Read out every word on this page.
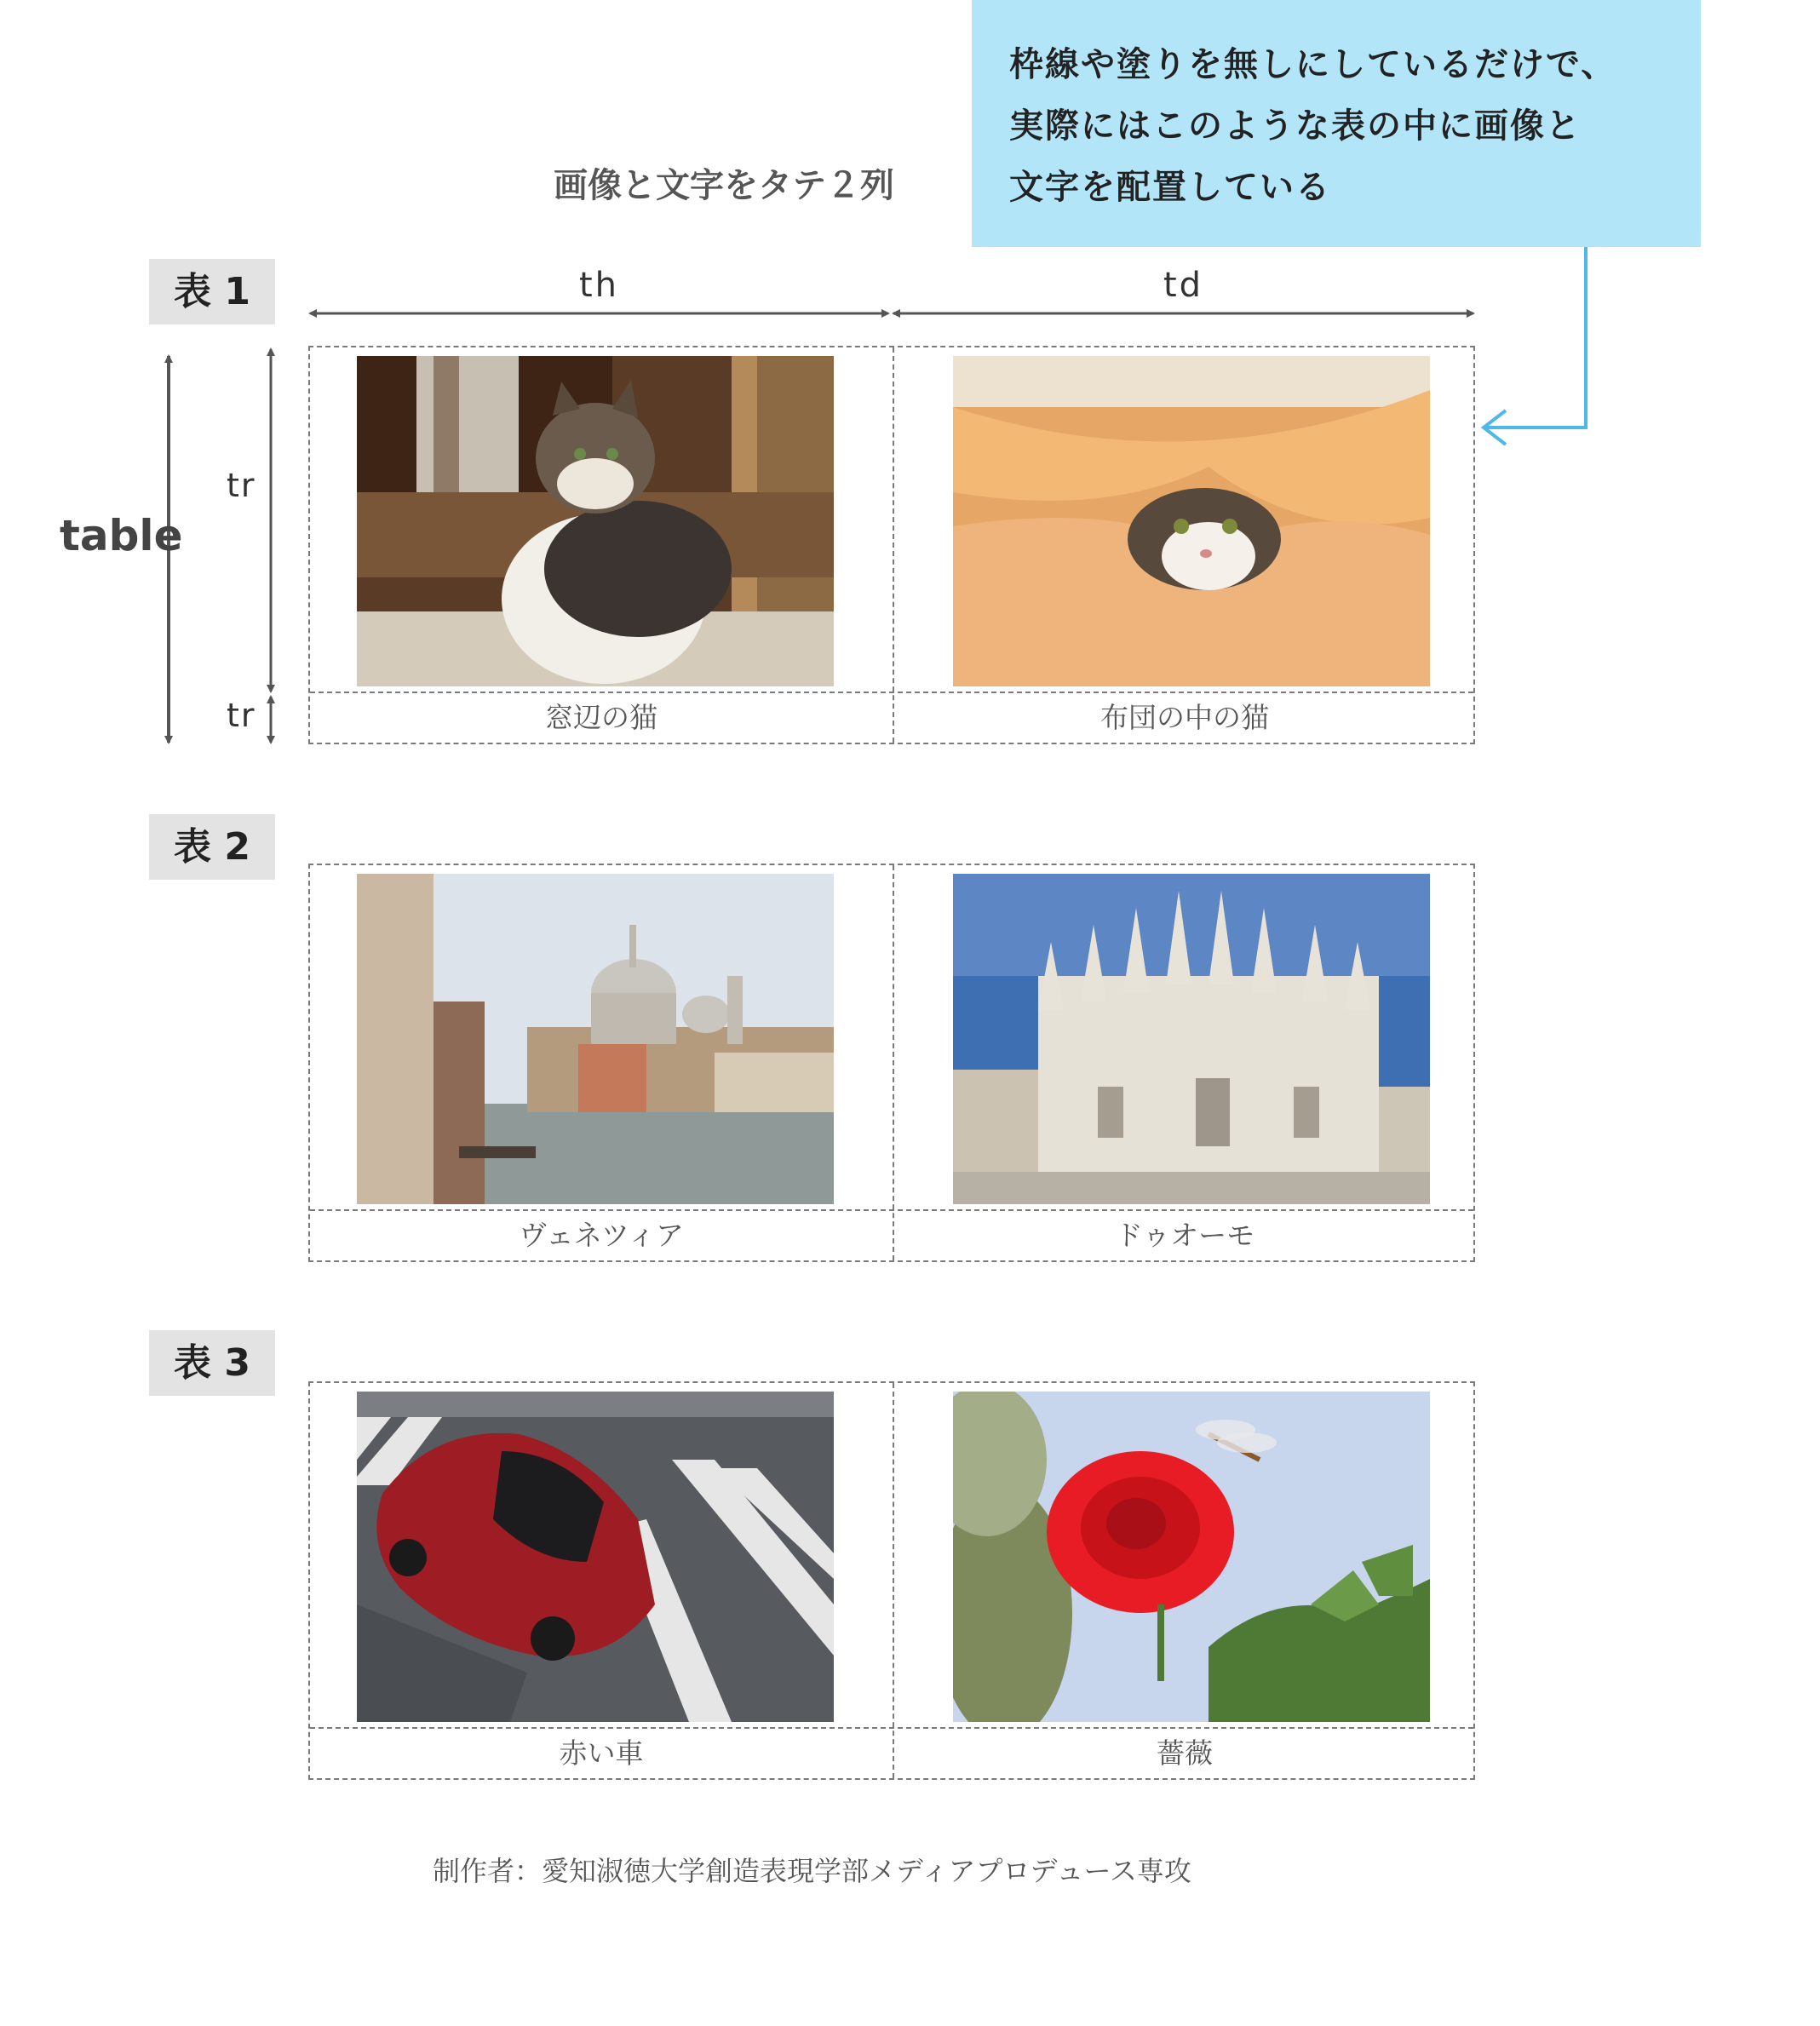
画像と文字をタテ２列
枠線や塗りを無しにしているだけで、
実際にはこのような表の中に画像と
文字を配置している
th	td
tr
tr
table
表 1
表 2
表 3
窓辺の猫	布団の中の猫
ヴェネツィア	ドゥオーモ
赤い車	薔薇
制作者：愛知淑徳大学創造表現学部メディアプロデュース専攻
